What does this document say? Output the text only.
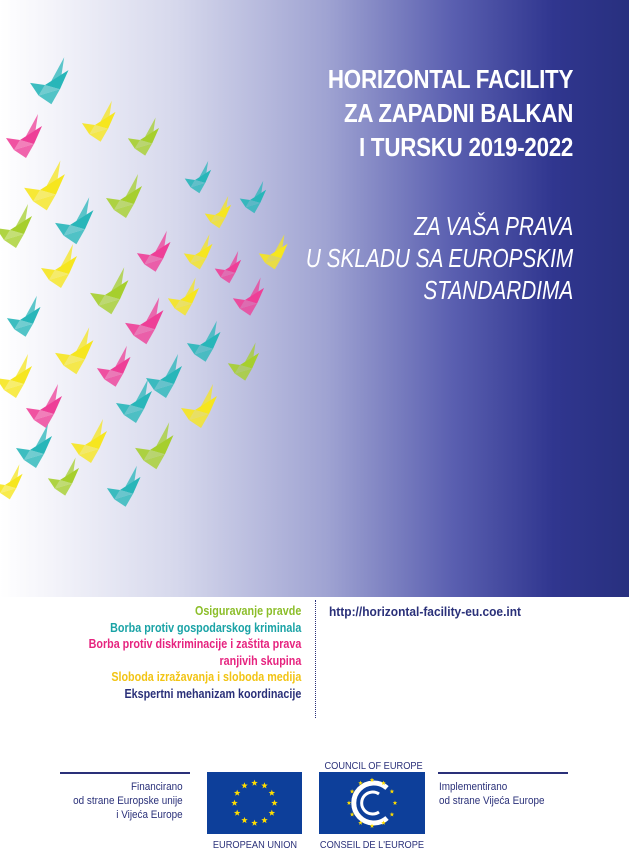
HORIZONTAL FACILITY
ZA ZAPADNI BALKAN
I TURSKU 2019-2022
ZA VAŠA PRAVA
U SKLADU SA EUROPSKIM
STANDARDIMA
Osiguravanje pravde
Borba protiv gospodarskog kriminala
Borba protiv diskriminacije i zaštita prava
ranjivih skupina
Sloboda izražavanja i sloboda medija
Ekspertni mehanizam koordinacije
http://horizontal-facility-eu.coe.int
Financirano
od strane Europske unije
i Vijeća Europe
EUROPEAN UNION
COUNCIL OF EUROPE
CONSEIL DE L'EUROPE
Implementirano
od strane Vijeća Europe
